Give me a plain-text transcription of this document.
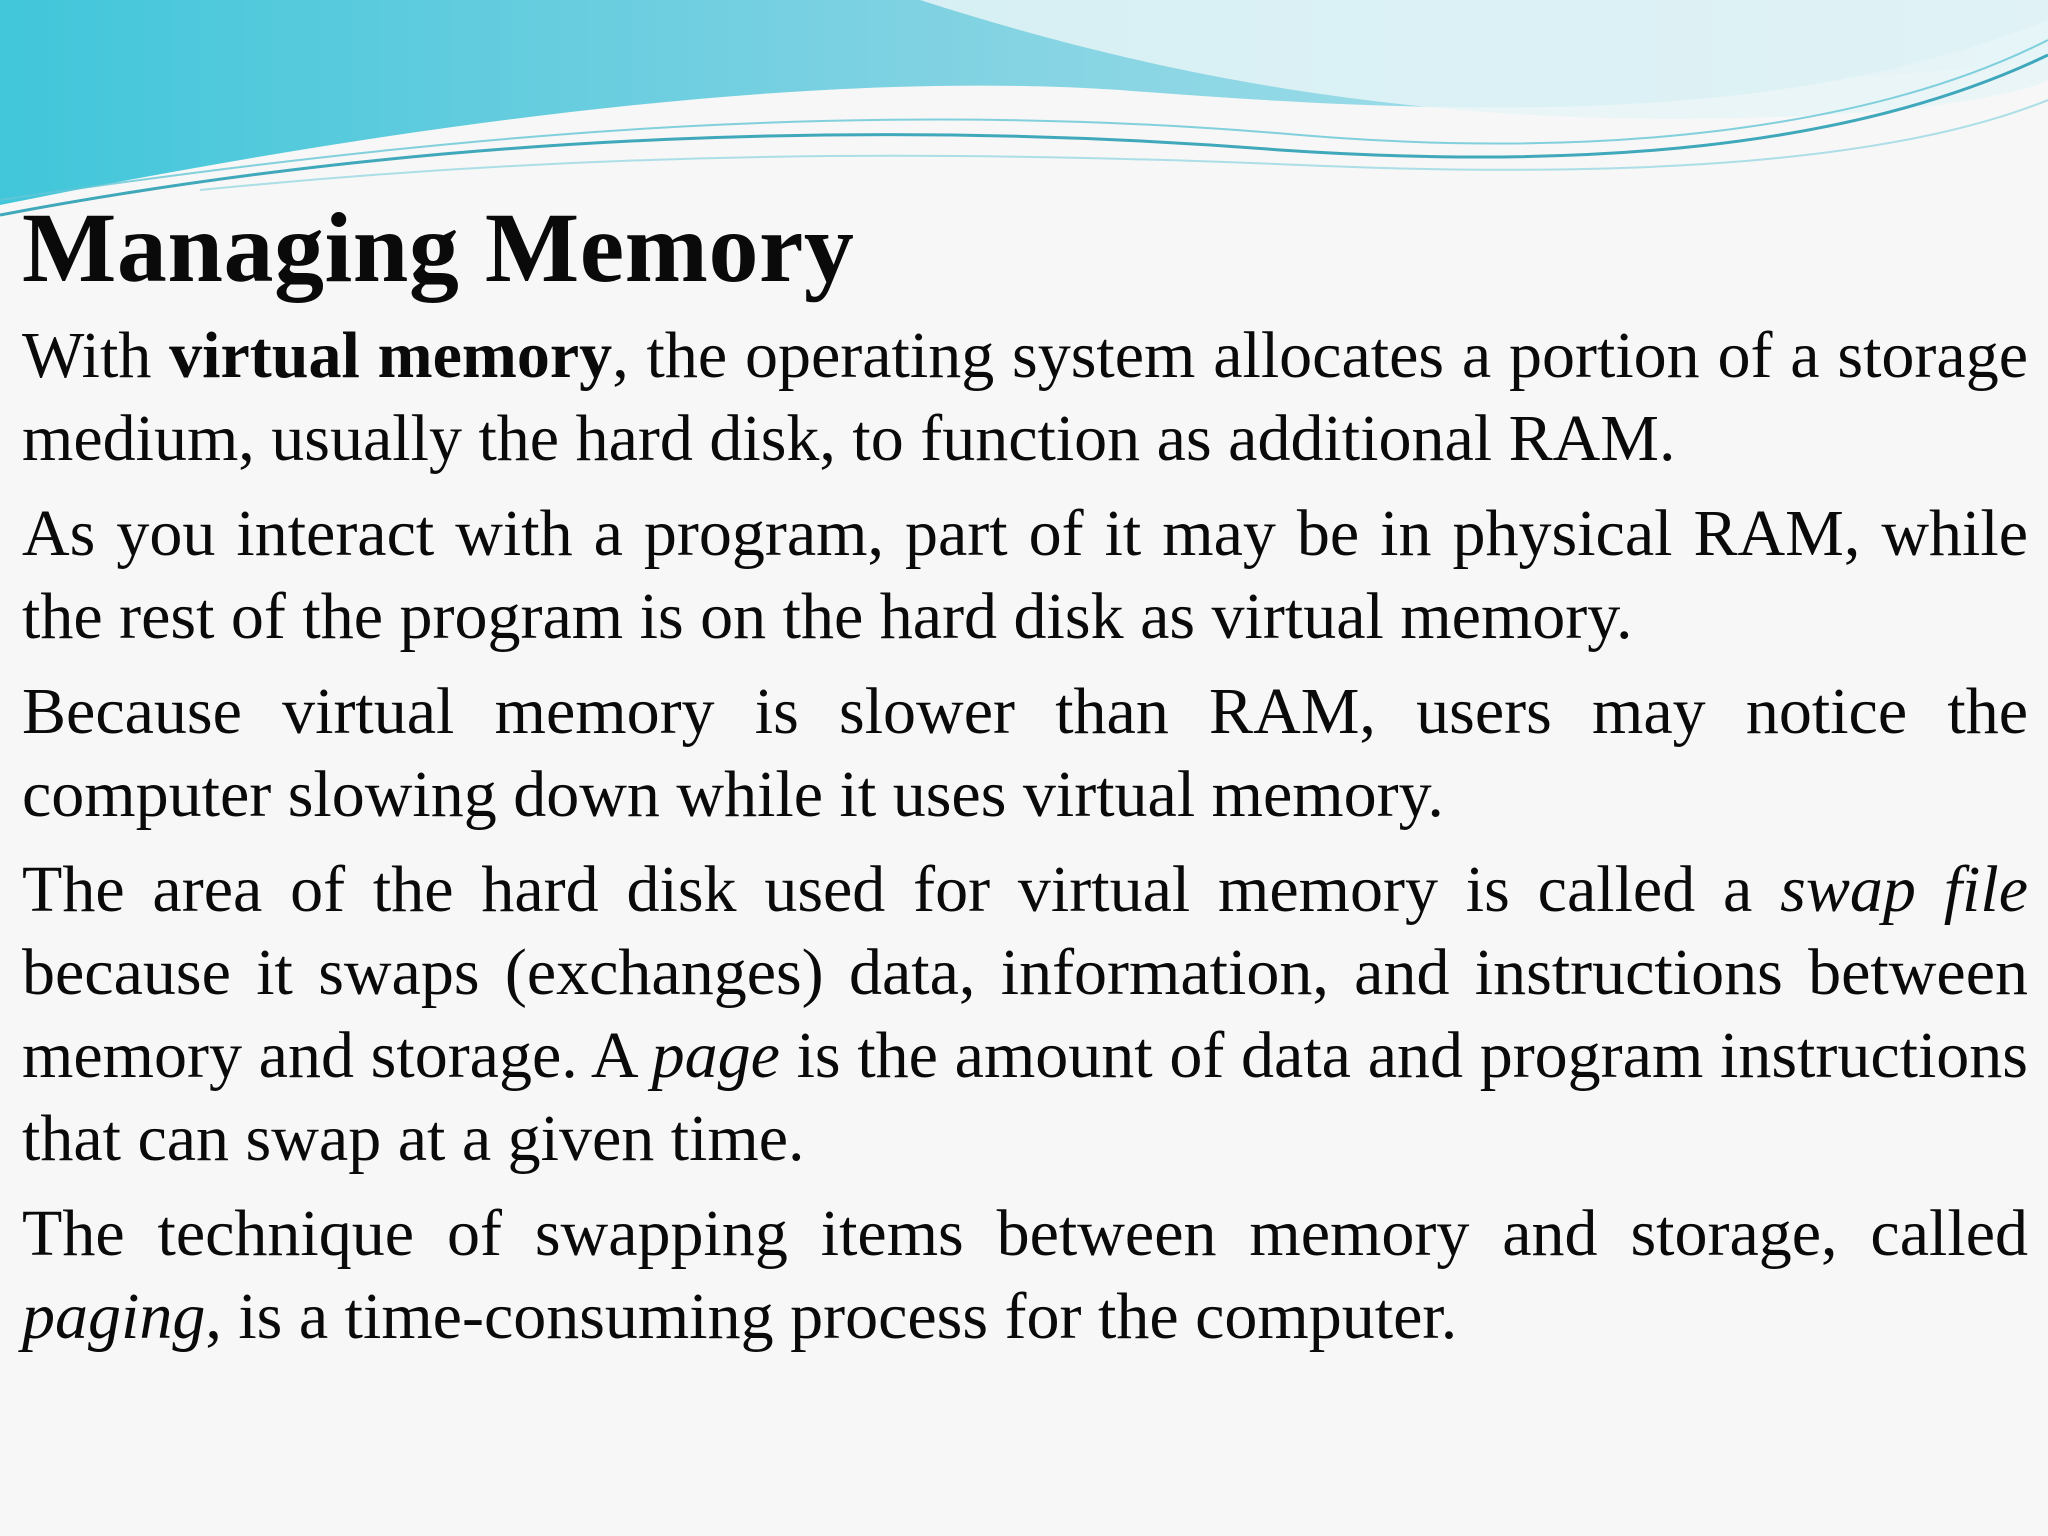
Managing Memory

With virtual memory, the operating system allocates a portion of a storage medium, usually the hard disk, to function as additional RAM.

As you interact with a program, part of it may be in physical RAM, while the rest of the program is on the hard disk as virtual memory.

Because virtual memory is slower than RAM, users may notice the computer slowing down while it uses virtual memory.

The area of the hard disk used for virtual memory is called a swap file because it swaps (exchanges) data, information, and instructions between memory and storage. A page is the amount of data and program instructions that can swap at a given time.

The technique of swapping items between memory and storage, called paging, is a time-consuming process for the computer.
